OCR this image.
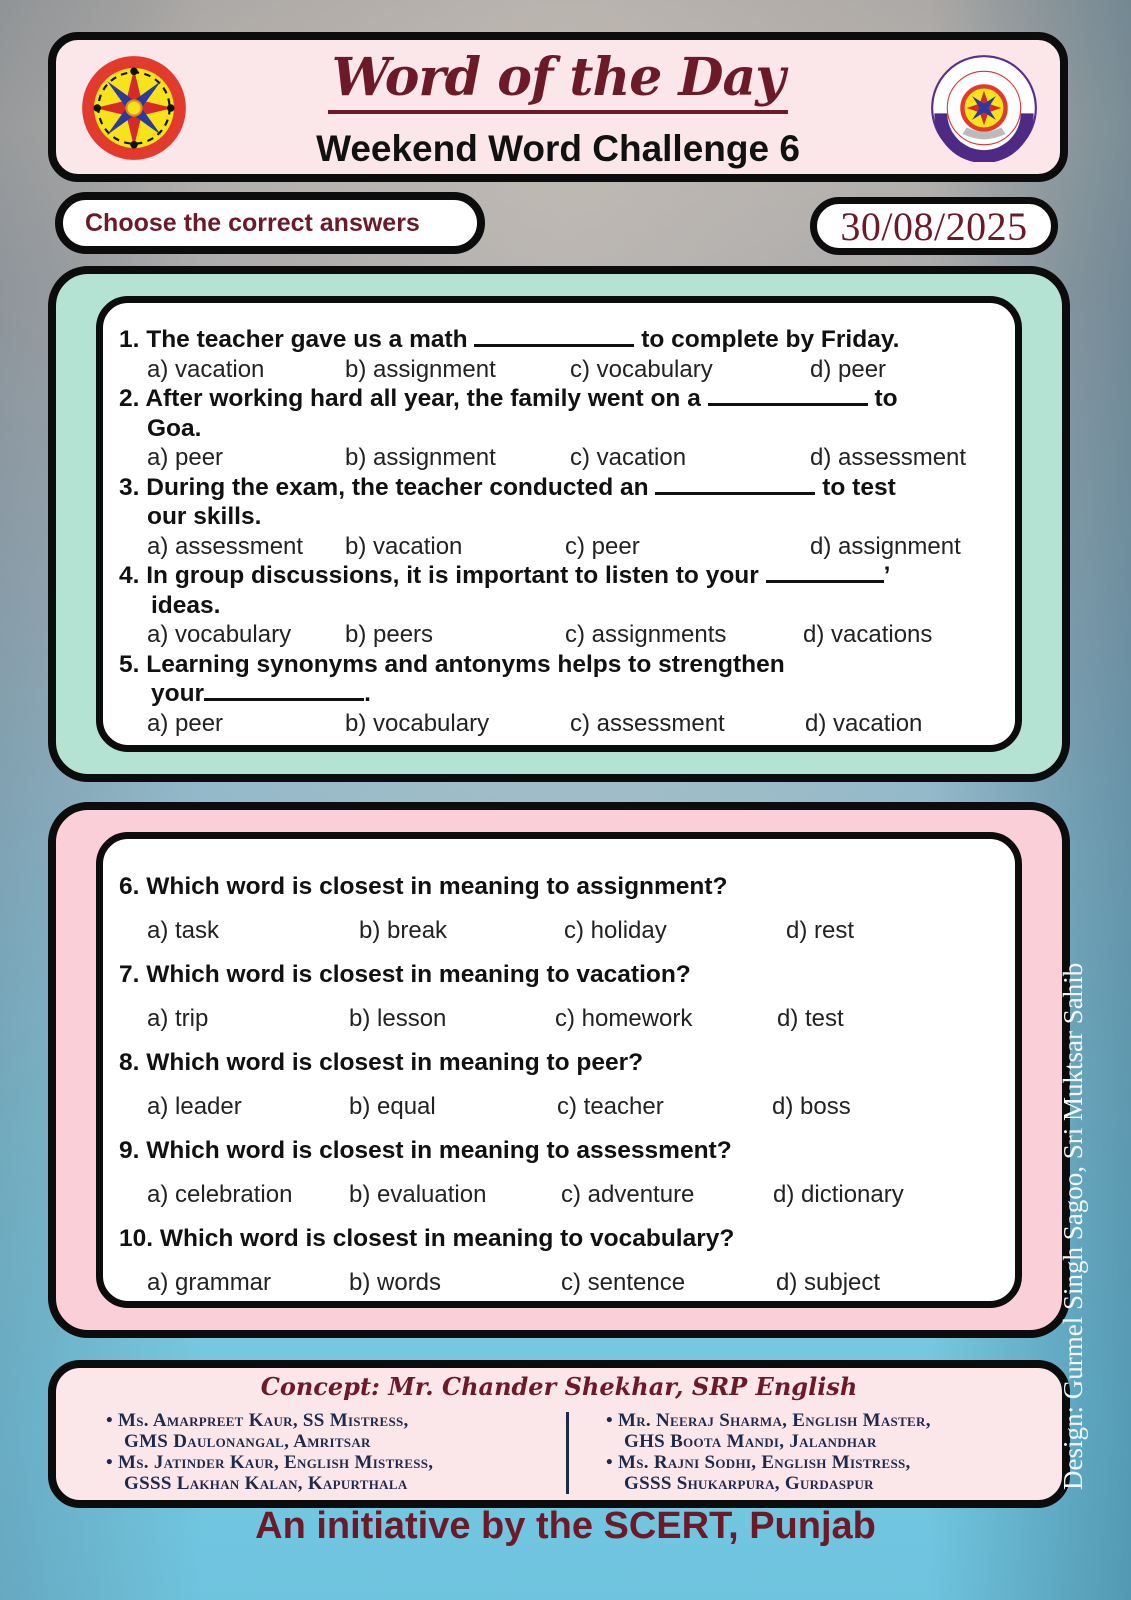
Word of the Day
Weekend Word Challenge 6
Choose the correct answers	30/08/2025
1. The teacher gave us a math	to complete by Friday.
a) vacation	b) assignment	c) vocabulary	d) peer
2. After working hard all year, the family went on a	to
Goa.
a) peer	b) assignment	c) vacation	d) assessment
3. During the exam, the teacher conducted an	to test
our skills.
a) assessment	b) vacation	c) peer	d) assignment
4. In group discussions, it is important to listen to your	’
ideas.
a) vocabulary	b) peers	c) assignments	d) vacations
5. Learning synonyms and antonyms helps to strengthen
your	.
a) peer	b) vocabulary	c) assessment	d) vacation
6. Which word is closest in meaning to assignment?
a) task	b) break	c) holiday	d) rest
7. Which word is closest in meaning to vacation?
a) trip	b) lesson	c) homework	d) test
8. Which word is closest in meaning to peer?
a) leader	b) equal	c) teacher	d) boss
9. Which word is closest in meaning to assessment?
a) celebration	b) evaluation	c) adventure	d) dictionary
10. Which word is closest in meaning to vocabulary?
a) grammar	b) words	c) sentence	d) subject
Concept: Mr. Chander Shekhar, SRP English
• Ms. Amarpreet Kaur, SS Mistress,
GMS Daulonangal, Amritsar
• Ms. Jatinder Kaur, English Mistress,
GSSS Lakhan Kalan, Kapurthala
• Mr. Neeraj Sharma, English Master,
GHS Boota Mandi, Jalandhar
• Ms. Rajni Sodhi, English Mistress,
GSSS Shukarpura, Gurdaspur
An initiative by the SCERT, Punjab
Design: Gurmel Singh Sagoo, Sri Muktsar Sahib
